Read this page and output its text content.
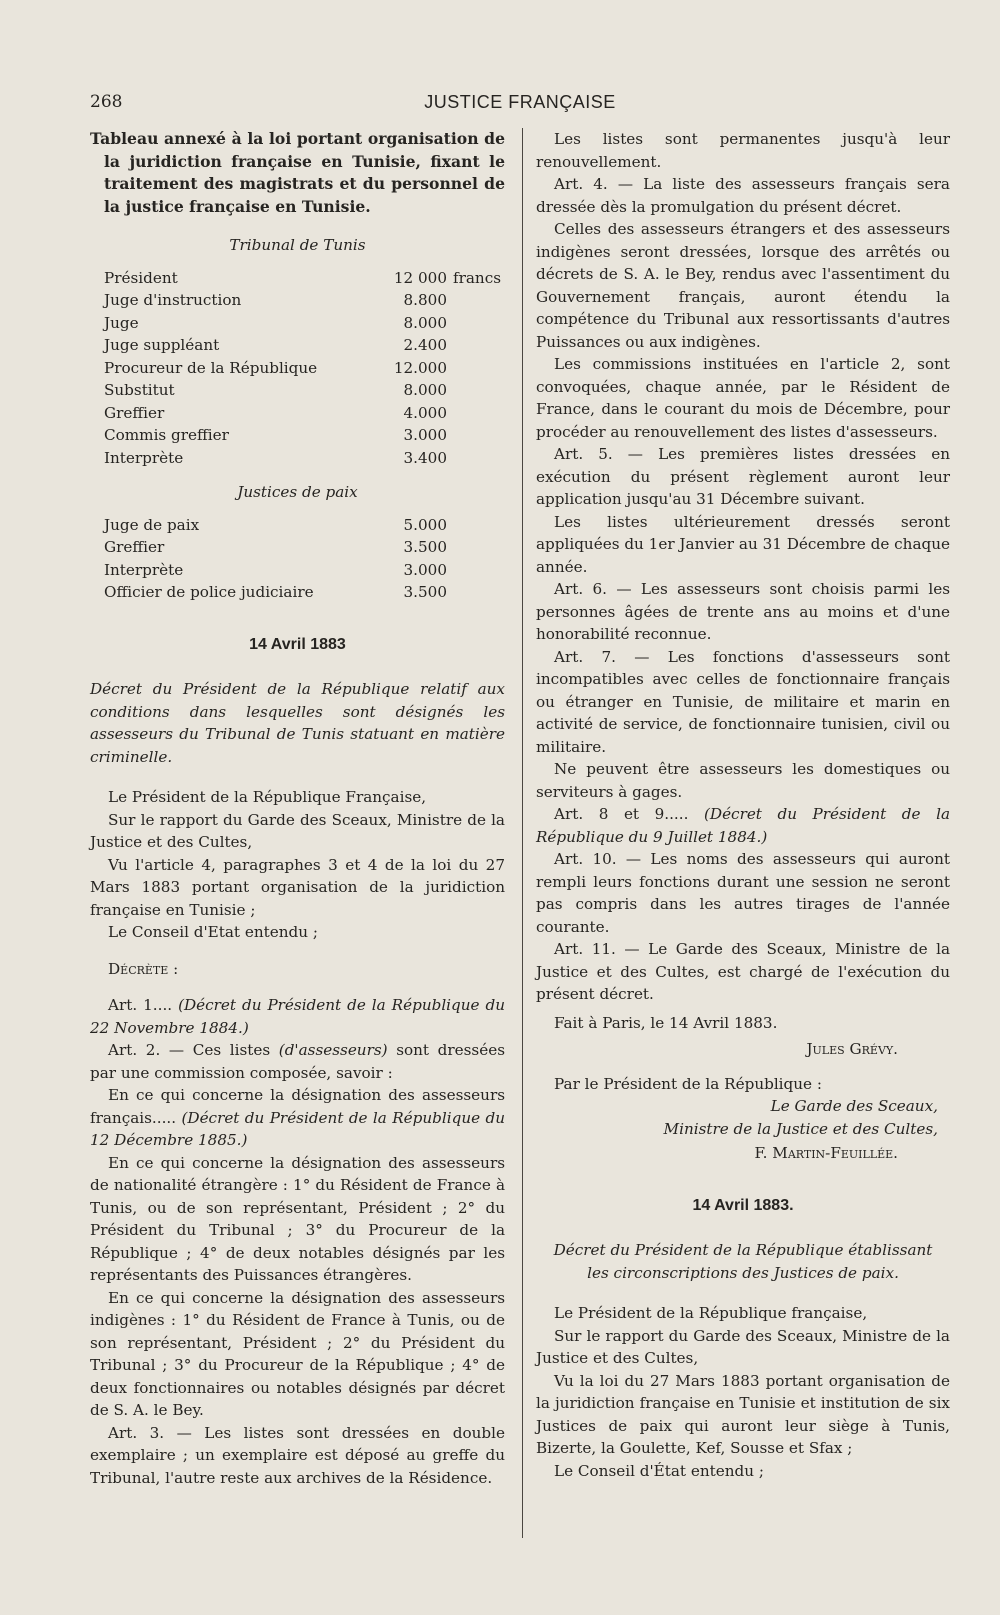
268	JUSTICE FRANÇAISE

Tableau annexé à la loi portant organisation de la juridiction française en Tunisie, fixant le traitement des magistrats et du personnel de la justice française en Tunisie.

Tribunal de Tunis
Président	12 000	francs
Juge d'instruction	8.800	
Juge	8.000	
Juge suppléant	2.400	
Procureur de la République	12.000	
Substitut	8.000	
Greffier	4.000	
Commis greffier	3.000	
Interprète	3.400	
Justices de paix
Juge de paix	5.000	
Greffier	3.500	
Interprète	3.000	
Officier de police judiciaire	3.500	
14 Avril 1883

Décret du Président de la République relatif aux conditions dans lesquelles sont désignés les assesseurs du Tribunal de Tunis statuant en matière criminelle.

Le Président de la République Française,

Sur le rapport du Garde des Sceaux, Ministre de la Justice et des Cultes,

Vu l'article 4, paragraphes 3 et 4 de la loi du 27 Mars 1883 portant organisation de la juridiction française en Tunisie ;

Le Conseil d'Etat entendu ;

Décrète :

Art. 1.... (Décret du Président de la République du 22 Novembre 1884.)

Art. 2. — Ces listes (d'assesseurs) sont dressées par une commission composée, savoir :

En ce qui concerne la désignation des assesseurs français..... (Décret du Président de la République du 12 Décembre 1885.)

En ce qui concerne la désignation des assesseurs de nationalité étrangère : 1° du Résident de France à Tunis, ou de son représentant, Président ; 2° du Président du Tribunal ; 3° du Procureur de la République ; 4° de deux notables désignés par les représentants des Puissances étrangères.

En ce qui concerne la désignation des assesseurs indigènes : 1° du Résident de France à Tunis, ou de son représentant, Président ; 2° du Président du Tribunal ; 3° du Procureur de la République ; 4° de deux fonctionnaires ou notables désignés par décret de S. A. le Bey.

Art. 3. — Les listes sont dressées en double exemplaire ; un exemplaire est déposé au greffe du Tribunal, l'autre reste aux archives de la Résidence.

Les listes sont permanentes jusqu'à leur renouvellement.

Art. 4. — La liste des assesseurs français sera dressée dès la promulgation du présent décret.

Celles des assesseurs étrangers et des assesseurs indigènes seront dressées, lorsque des arrêtés ou décrets de S. A. le Bey, rendus avec l'assentiment du Gouvernement français, auront étendu la compétence du Tribunal aux ressortissants d'autres Puissances ou aux indigènes.

Les commissions instituées en l'article 2, sont convoquées, chaque année, par le Résident de France, dans le courant du mois de Décembre, pour procéder au renouvellement des listes d'assesseurs.

Art. 5. — Les premières listes dressées en exécution du présent règlement auront leur application jusqu'au 31 Décembre suivant.

Les listes ultérieurement dressés seront appliquées du 1er Janvier au 31 Décembre de chaque année.

Art. 6. — Les assesseurs sont choisis parmi les personnes âgées de trente ans au moins et d'une honorabilité reconnue.

Art. 7. — Les fonctions d'assesseurs sont incompatibles avec celles de fonctionnaire français ou étranger en Tunisie, de militaire et marin en activité de service, de fonctionnaire tunisien, civil ou militaire.

Ne peuvent être assesseurs les domestiques ou serviteurs à gages.

Art. 8 et 9..... (Décret du Président de la République du 9 Juillet 1884.)

Art. 10. — Les noms des assesseurs qui auront rempli leurs fonctions durant une session ne seront pas compris dans les autres tirages de l'année courante.

Art. 11. — Le Garde des Sceaux, Ministre de la Justice et des Cultes, est chargé de l'exécution du présent décret.

Fait à Paris, le 14 Avril 1883.

Jules Grévy.

Par le Président de la République :

Le Garde des Sceaux,
Ministre de la Justice et des Cultes,
F. Martin-Feuillée.
14 Avril 1883.

Décret du Président de la République établissant les circonscriptions des Justices de paix.

Le Président de la République française,

Sur le rapport du Garde des Sceaux, Ministre de la Justice et des Cultes,

Vu la loi du 27 Mars 1883 portant organisation de la juridiction française en Tunisie et institution de six Justices de paix qui auront leur siège à Tunis, Bizerte, la Goulette, Kef, Sousse et Sfax ;

Le Conseil d'État entendu ;
